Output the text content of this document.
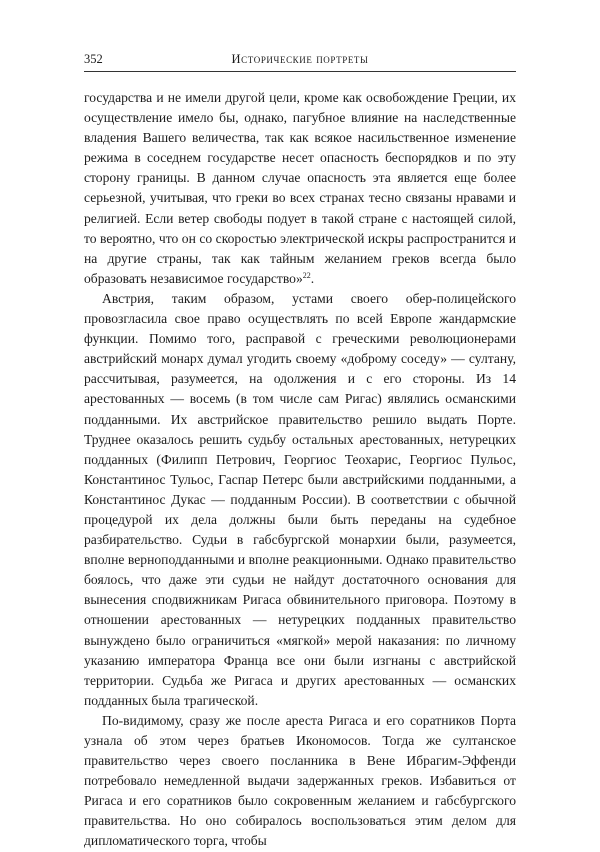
352	Исторические портреты

государства и не имели другой цели, кроме как освобождение Греции, их осуществление имело бы, однако, пагубное влияние на наследственные владения Вашего величества, так как всякое насильственное изменение режима в соседнем государстве несет опасность беспорядков и по эту сторону границы. В данном случае опасность эта является еще более серьезной, учитывая, что греки во всех странах тесно связаны нравами и религией. Если ветер свободы подует в такой стране с настоящей силой, то вероятно, что он со скоростью электрической искры распространится и на другие страны, так как тайным желанием греков всегда было образовать независимое государство»$^{22}$.

Австрия, таким образом, устами своего обер-полицейского провозгласила свое право осуществлять по всей Европе жандармские функции. Помимо того, расправой с греческими революционерами австрийский монарх думал угодить своему «доброму соседу» — султану, рассчитывая, разумеется, на одолжения и с его стороны. Из 14 арестованных — восемь (в том числе сам Ригас) являлись османскими подданными. Их австрийское правительство решило выдать Порте. Труднее оказалось решить судьбу остальных арестованных, нетурецких подданных (Филипп Петрович, Георгиос Теохарис, Георгиос Пульос, Константинос Тульос, Гаспар Петерс были австрийскими подданными, а Константинос Дукас — подданным России). В соответствии с обычной процедурой их дела должны были быть переданы на судебное разбирательство. Судьи в габсбургской монархии были, разумеется, вполне верноподданными и вполне реакционными. Однако правительство боялось, что даже эти судьи не найдут достаточного основания для вынесения сподвижникам Ригаса обвинительного приговора. Поэтому в отношении арестованных — нетурецких подданных правительство вынуждено было ограничиться «мягкой» мерой наказания: по личному указанию императора Франца все они были изгнаны с австрийской территории. Судьба же Ригаса и других арестованных — османских подданных была трагической.

По-видимому, сразу же после ареста Ригаса и его соратников Порта узнала об этом через братьев Икономосов. Тогда же султанское правительство через своего посланника в Вене Ибрагим-Эффенди потребовало немедленной выдачи задержанных греков. Избавиться от Ригаса и его соратников было сокровенным желанием и габсбургского правительства. Но оно собиралось воспользоваться этим делом для дипломатического торга, чтобы
